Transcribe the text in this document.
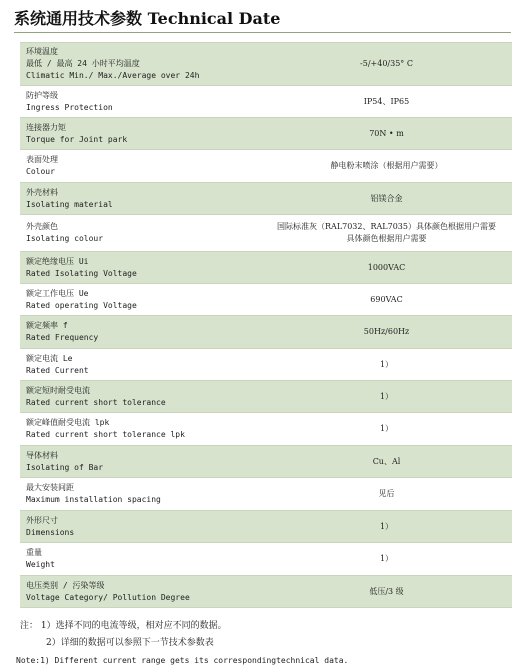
系统通用技术参数 Technical Date
环境温度
最低 / 最高 24 小时平均温度
Climatic Min./ Max./Average over 24h	-5/+40/35° C

防护等级
Ingress Protection	IP54、IP65

连接器力矩
Torque for Joint park	70N • m

表面处理
Colour	静电粉末喷涂（根据用户需要）

外壳材料
Isolating material	铝镁合金

外壳颜色
Isolating colour	国际标准灰（RAL7032、RAL7035）具体颜色根据用户需要
具体颜色根据用户需要

额定绝缘电压 Ui
Rated Isolating Voltage	1000VAC

额定工作电压 Ue
Rated operating Voltage	690VAC

额定频率 f
Rated Frequency	50Hz/60Hz

额定电流 Le
Rated Current	1）

额定短时耐受电流
Rated current short tolerance	1）

额定峰值耐受电流 lpk
Rated current short tolerance lpk	1）

导体材料
Isolating of Bar	Cu、Al

最大安装间距
Maximum installation spacing	见后

外形尺寸
Dimensions	1）

重量
Weight	1）

电压类别 / 污染等级
Voltage Category/ Pollution Degree	低压/3 级
注： 1）选择不同的电流等级，相对应不同的数据。
2）详细的数据可以参照下一节技术参数表
Note:1) Different current range gets its correspondingtechnical data.
